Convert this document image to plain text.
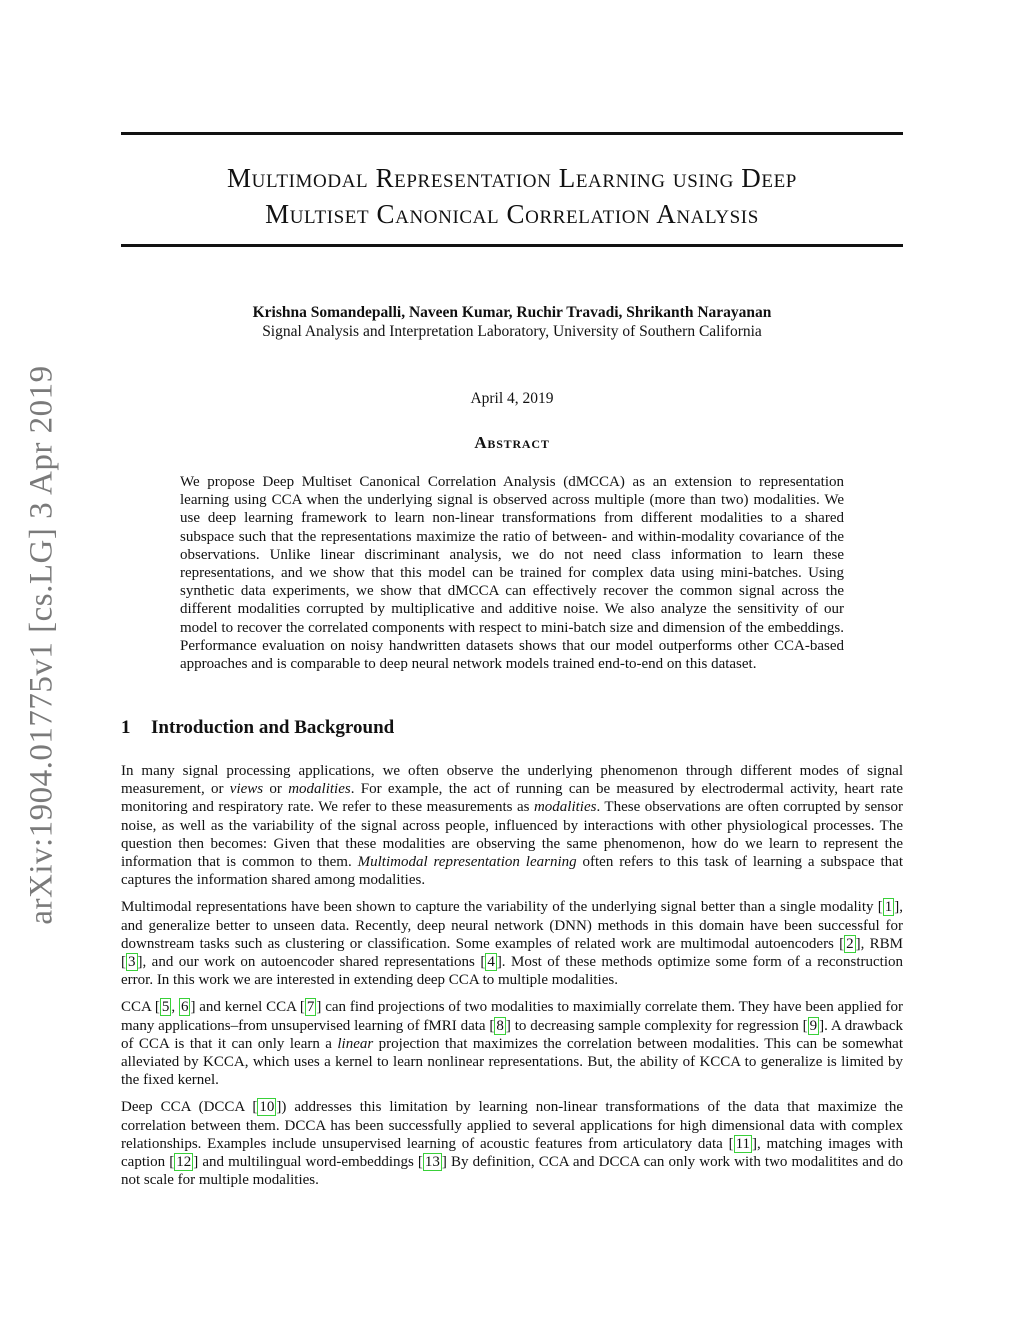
arXiv:1904.01775v1 [cs.LG] 3 Apr 2019
Multimodal Representation Learning using Deep
Multiset Canonical Correlation Analysis
Krishna Somandepalli, Naveen Kumar, Ruchir Travadi, Shrikanth Narayanan
Signal Analysis and Interpretation Laboratory, University of Southern California
April 4, 2019
Abstract
We propose Deep Multiset Canonical Correlation Analysis (dMCCA) as an extension to representation learning using CCA when the underlying signal is observed across multiple (more than two) modalities. We use deep learning framework to learn non-linear transformations from different modalities to a shared subspace such that the representations maximize the ratio of between- and within-modality covariance of the observations. Unlike linear discriminant analysis, we do not need class information to learn these representations, and we show that this model can be trained for complex data using mini-batches. Using synthetic data experiments, we show that dMCCA can effectively recover the common signal across the different modalities corrupted by multiplicative and additive noise. We also analyze the sensitivity of our model to recover the correlated components with respect to mini-batch size and dimension of the embeddings. Performance evaluation on noisy handwritten datasets shows that our model outperforms other CCA-based approaches and is comparable to deep neural network models trained end-to-end on this dataset.
1 Introduction and Background

In many signal processing applications, we often observe the underlying phenomenon through different modes of signal measurement, or views or modalities. For example, the act of running can be measured by electrodermal activity, heart rate monitoring and respiratory rate. We refer to these measurements as modalities. These observations are often corrupted by sensor noise, as well as the variability of the signal across people, influenced by interactions with other physiological processes. The question then becomes: Given that these modalities are observing the same phenomenon, how do we learn to represent the information that is common to them. Multimodal representation learning often refers to this task of learning a subspace that captures the information shared among modalities.

Multimodal representations have been shown to capture the variability of the underlying signal better than a single modality [ 1 ], and generalize better to unseen data. Recently, deep neural network (DNN) methods in this domain have been successful for downstream tasks such as clustering or classification. Some examples of related work are multimodal autoencoders [ 2 ], RBM [ 3 ], and our work on autoencoder shared representations [ 4 ]. Most of these methods optimize some form of a reconstruction error. In this work we are interested in extending deep CCA to multiple modalities.

CCA [ 5 , 6 ] and kernel CCA [ 7 ] can find projections of two modalities to maximially correlate them. They have been applied for many applications–from unsupervised learning of fMRI data [ 8 ] to decreasing sample complexity for regression [ 9 ]. A drawback of CCA is that it can only learn a linear projection that maximizes the correlation between modalities. This can be somewhat alleviated by KCCA, which uses a kernel to learn nonlinear representations. But, the ability of KCCA to generalize is limited by the fixed kernel.

Deep CCA (DCCA [ 10 ]) addresses this limitation by learning non-linear transformations of the data that maximize the correlation between them. DCCA has been successfully applied to several applications for high dimensional data with complex relationships. Examples include unsupervised learning of acoustic features from articulatory data [ 11 ], matching images with caption [ 12 ] and multilingual word-embeddings [ 13 ] By definition, CCA and DCCA can only work with two modalitites and do not scale for multiple modalities.
